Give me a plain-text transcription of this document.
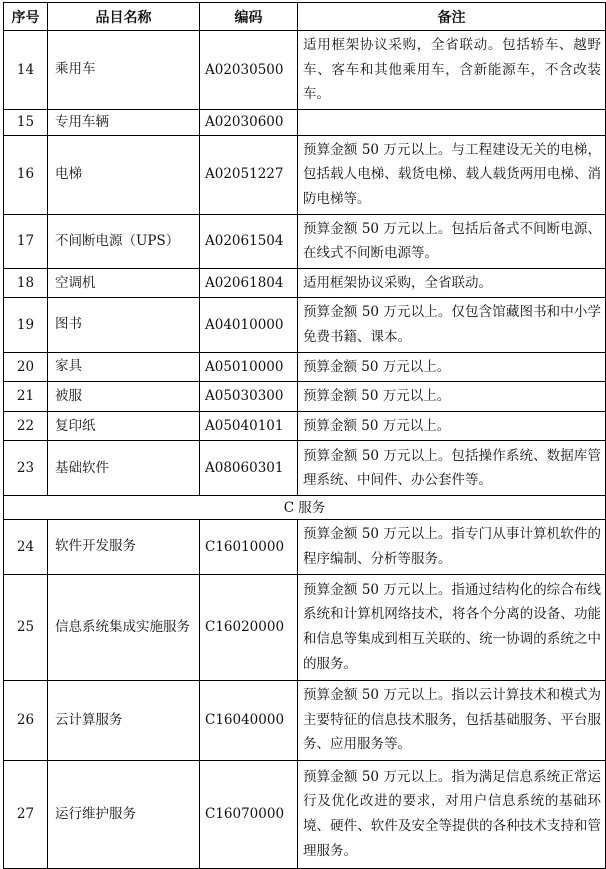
序号	品目名称	编码	备注
14	乘用车	A02030500	适用框架协议采购，全省联动。包括轿车、越野车、客车和其他乘用车，含新能源车，不含改装车。
15	专用车辆	A02030600	
16	电梯	A02051227	预算金额 50 万元以上。与工程建设无关的电梯，包括载人电梯、载货电梯、载人载货两用电梯、消防电梯等。
17	不间断电源（UPS）	A02061504	预算金额 50 万元以上。包括后备式不间断电源、在线式不间断电源等。
18	空调机	A02061804	适用框架协议采购，全省联动。
19	图书	A04010000	预算金额 50 万元以上。仅包含馆藏图书和中小学免费书籍、课本。
20	家具	A05010000	预算金额 50 万元以上。
21	被服	A05030300	预算金额 50 万元以上。
22	复印纸	A05040101	预算金额 50 万元以上。
23	基础软件	A08060301	预算金额 50 万元以上。包括操作系统、数据库管理系统、中间件、办公套件等。
C 服务			
24	软件开发服务	C16010000	预算金额 50 万元以上。指专门从事计算机软件的程序编制、分析等服务。
25	信息系统集成实施服务	C16020000	预算金额 50 万元以上。指通过结构化的综合布线系统和计算机网络技术，将各个分离的设备、功能和信息等集成到相互关联的、统一协调的系统之中的服务。
26	云计算服务	C16040000	预算金额 50 万元以上。指以云计算技术和模式为主要特征的信息技术服务，包括基础服务、平台服务、应用服务等。
27	运行维护服务	C16070000	预算金额 50 万元以上。指为满足信息系统正常运行及优化改进的要求，对用户信息系统的基础环境、硬件、软件及安全等提供的各种技术支持和管理服务。
